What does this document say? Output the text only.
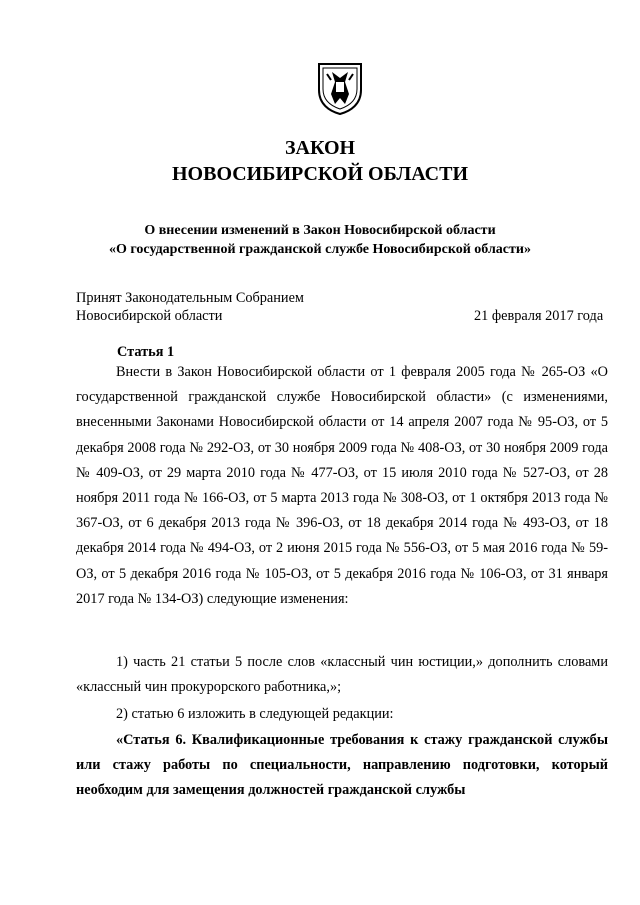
ЗАКОН
НОВОСИБИРСКОЙ ОБЛАСТИ
О внесении изменений в Закон Новосибирской области
«О государственной гражданской службе Новосибирской области»
Принят Законодательным Собранием
Новосибирской области	21 февраля 2017 года
Статья 1

Внести в Закон Новосибирской области от 1 февраля 2005 года № 265-ОЗ «О государственной гражданской службе Новосибирской области» (с изменениями, внесенными Законами Новосибирской области от 14 апреля 2007 года № 95-ОЗ, от 5 декабря 2008 года № 292-ОЗ, от 30 ноября 2009 года № 408-ОЗ, от 30 ноября 2009 года № 409-ОЗ, от 29 марта 2010 года № 477-ОЗ, от 15 июля 2010 года № 527-ОЗ, от 28 ноября 2011 года № 166-ОЗ, от 5 марта 2013 года № 308-ОЗ, от 1 октября 2013 года № 367-ОЗ, от 6 декабря 2013 года № 396-ОЗ, от 18 декабря 2014 года № 493-ОЗ, от 18 декабря 2014 года № 494-ОЗ, от 2 июня 2015 года № 556-ОЗ, от 5 мая 2016 года № 59-ОЗ, от 5 декабря 2016 года № 105-ОЗ, от 5 декабря 2016 года № 106-ОЗ, от 31 января 2017 года № 134-ОЗ) следующие изменения:

1) часть 21 статьи 5 после слов «классный чин юстиции,» дополнить словами «классный чин прокурорского работника,»;

2) статью 6 изложить в следующей редакции:

«Статья 6. Квалификационные требования к стажу гражданской службы или стажу работы по специальности, направлению подготовки, который необходим для замещения должностей гражданской службы
